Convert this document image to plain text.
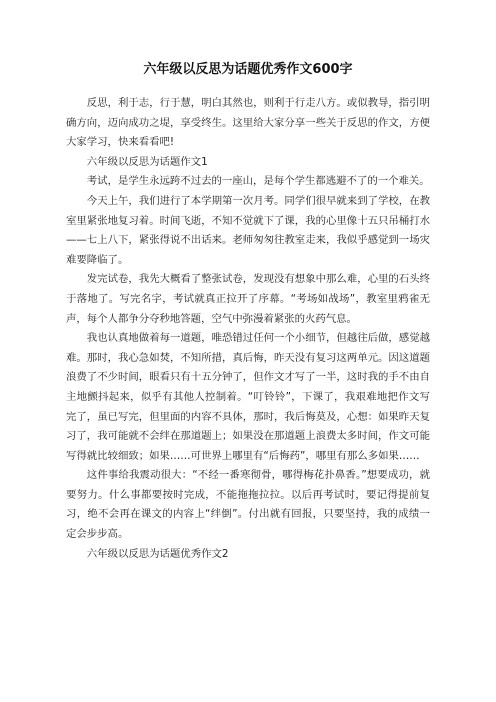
六年级以反思为话题优秀作文600字

反思，利于志，行于慧，明白其然也，则利于行走八方。或似教导，指引明确方向，迈向成功之堤，享受终生。这里给大家分享一些关于反思的作文，方便大家学习，快来看看吧!

六年级以反思为话题作文1

考试，是学生永远跨不过去的一座山，是每个学生都逃避不了的一个难关。

今天上午，我们进行了本学期第一次月考。同学们很早就来到了学校，在教室里紧张地复习着。时间飞逝，不知不觉就下了课，我的心里像十五只吊桶打水——七上八下，紧张得说不出话来。老师匆匆往教室走来，我似乎感觉到一场灾难要降临了。

发完试卷，我先大概看了整张试卷，发现没有想象中那么难，心里的石头终于落地了。写完名字，考试就真正拉开了序幕。“考场如战场”，教室里鸦雀无声，每个人都争分夺秒地答题，空气中弥漫着紧张的火药气息。

我也认真地做着每一道题，唯恐错过任何一个小细节，但越往后做，感觉越难。那时，我心急如焚，不知所措，真后悔，昨天没有复习这两单元。因这道题浪费了不少时间，眼看只有十五分钟了，但作文才写了一半，这时我的手不由自主地颤抖起来，似乎有其他人控制着。“叮铃铃”，下课了，我艰难地把作文写完了，虽已写完，但里面的内容不具体，那时，我后悔莫及，心想：如果昨天复习了，我可能就不会绊在那道题上；如果没在那道题上浪费太多时间，作文可能写得就比较细致；如果……可世界上哪里有“后悔药”，哪里有那么多如果……

这件事给我震动很大：“不经一番寒彻骨，哪得梅花扑鼻香。”想要成功，就要努力。什么事都要按时完成，不能拖拖拉拉。以后再考试时，要记得提前复习，绝不会再在课文的内容上“绊倒”。付出就有回报，只要坚持，我的成绩一定会步步高。

六年级以反思为话题优秀作文2
